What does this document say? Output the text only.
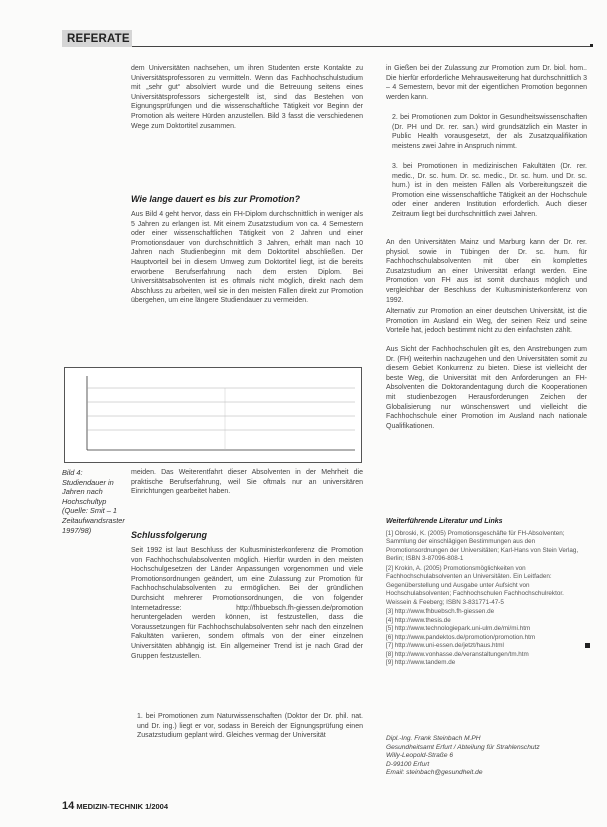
REFERATE
dem Universitäten nachsehen, um ihren Studenten erste Kontakte zu Universitätsprofessoren zu vermitteln. Wenn das Fachhochschulstudium mit „sehr gut“ absolviert wurde und die Betreuung seitens eines Universitätsprofessors sichergestellt ist, sind das Bestehen von Eignungsprüfungen und die wissenschaftliche Tätigkeit vor Beginn der Promotion als weitere Hürden anzustellen. Bild 3 fasst die verschiedenen Wege zum Doktortitel zusammen.
Wie lange dauert es bis zur Promotion?
Aus Bild 4 geht hervor, dass ein FH-Diplom durchschnittlich in weniger als 5 Jahren zu erlangen ist. Mit einem Zusatzstudium von ca. 4 Semestern oder einer wissenschaftlichen Tätigkeit von 2 Jahren und einer Promotionsdauer von durchschnittlich 3 Jahren, erhält man nach 10 Jahren nach Studienbeginn mit dem Doktortitel abschließen. Der Hauptvorteil bei in diesem Umweg zum Doktortitel liegt, ist die bereits erworbene Berufserfahrung nach dem ersten Diplom. Bei Universitätsabsolventen ist es oftmals nicht möglich, direkt nach dem Abschluss zu arbeiten, weil sie in den meisten Fällen direkt zur Promotion übergehen, um eine längere Studiendauer zu vermeiden.
Bild 4: Studiendauer in Jahren nach Hochschultyp (Quelle: Smit – 1 Zeitaufwandsraster 1997/98)
meiden. Das Weiterentfahrt dieser Absolventen in der Mehrheit die praktische Berufserfahrung, weil Sie oftmals nur an universitären Einrichtungen gearbeitet haben.
Schlussfolgerung
Seit 1992 ist laut Beschluss der Kultusministerkonferenz die Promotion von Fachhochschulabsolventen möglich. Hierfür wurden in den meisten Hochschulgesetzen der Länder Anpassungen vorgenommen und viele Promotionsordnungen geändert, um eine Zulassung zur Promotion für Fachhochschulabsolventen zu ermöglichen. Bei der gründlichen Durchsicht mehrerer Promotionsordnungen, die von folgender Internetadresse: http://fhbuebsch.fh-giessen.de/promotion heruntergeladen werden können, ist festzustellen, dass die Voraussetzungen für Fachhochschulabsolventen sehr nach den einzelnen Fakultäten variieren, sondern oftmals von der einer einzelnen Universitäten abhängig ist. Ein allgemeiner Trend ist je nach Grad der Gruppen festzustellen.
1. bei Promotionen zum Naturwissenschaften (Doktor der Dr. phil. nat. und Dr. ing.) liegt er vor, sodass in Bereich der Eignungsprüfung einen Zusatzstudium geplant wird. Gleiches vermag der Universität
in Gießen bei der Zulassung zur Promotion zum Dr. biol. hom.. Die hierfür erforderliche Mehrausweiterung hat durchschnittlich 3 – 4 Semestern, bevor mit der eigentlichen Promotion begonnen werden kann.
2. bei Promotionen zum Doktor in Gesundheitswissenschaften (Dr. PH und Dr. rer. san.) wird grundsätzlich ein Master in Public Health vorausgesetzt, der als Zusatzqualifikation meistens zwei Jahre in Anspruch nimmt.
3. bei Promotionen in medizinischen Fakultäten (Dr. rer. medic., Dr. sc. hum. Dr. sc. medic., Dr. sc. hum. und Dr. sc. hum.) ist in den meisten Fällen als Vorbereitungszeit die Promotion eine wissenschaftliche Tätigkeit an der Hochschule oder einer anderen Institution erforderlich. Auch dieser Zeitraum liegt bei durchschnittlich zwei Jahren.
An den Universitäten Mainz und Marburg kann der Dr. rer. physiol. sowie in Tübingen der Dr. sc. hum. für Fachhochschulabsolventen mit über ein komplettes Zusatzstudium an einer Universität erlangt werden. Eine Promotion von FH aus ist somit durchaus möglich und vergleichbar der Beschluss der Kultusministerkonferenz von 1992.
Alternativ zur Promotion an einer deutschen Universität, ist die Promotion im Ausland ein Weg, der seinen Reiz und seine Vorteile hat, jedoch bestimmt nicht zu den einfachsten zählt.
Aus Sicht der Fachhochschulen gilt es, den Anstrebungen zum Dr. (FH) weiterhin nachzugehen und den Universitäten somit zu diesem Gebiet Konkurrenz zu bieten. Diese ist vielleicht der beste Weg, die Universität mit den Anforderungen an FH-Absolventen die Doktorandentagung durch die Kooperationen mit studienbezogen Herausforderungen Zeichen der Globalisierung nur wünschenswert und vielleicht die Fachhochschule einer Promotion im Ausland nach nationale Qualifikationen.
Weiterführende Literatur und Links
[1] Obroski, K. (2005) Promotionsgeschäfte für FH-Absolventen; Sammlung der einschlägigen Bestimmungen aus den Promotionsordnungen der Universitäten; Karl-Hans von Stein Verlag, Berlin; ISBN 3-87096-808-1
[2] Krokin, A. (2005) Promotionsmöglichkeiten von Fachhochschulabsolventen an Universitäten. Ein Leitfaden: Gegenüberstellung und Ausgabe unter Aufsicht von Hochschulabsolventen; Fachhochschulen Fachhochschulrektor. Weissein & Feeberg; ISBN 3-831771-47-5
[3] http://www.fhbuebsch.fh-giessen.de
[4] http://www.thesis.de
[5] http://www.technologiepark.uni-ulm.de/mi/mi.htm
[6] http://www.pandektos.de/promotion/promotion.htm
[7] http://www.uni-essen.de/jetzt/haus.html
[8] http://www.vonhasse.de/veranstaltungen/tm.htm
[9] http://www.tandem.de
Dipl.-Ing. Frank Steinbach M.PH
Gesundheitsamt Erfurt / Abteilung für Strahlenschutz
Willy-Leopold-Straße 6
D-99100 Erfurt
Email: steinbach@gesundheit.de
14 MEDIZIN-TECHNIK 1/2004
